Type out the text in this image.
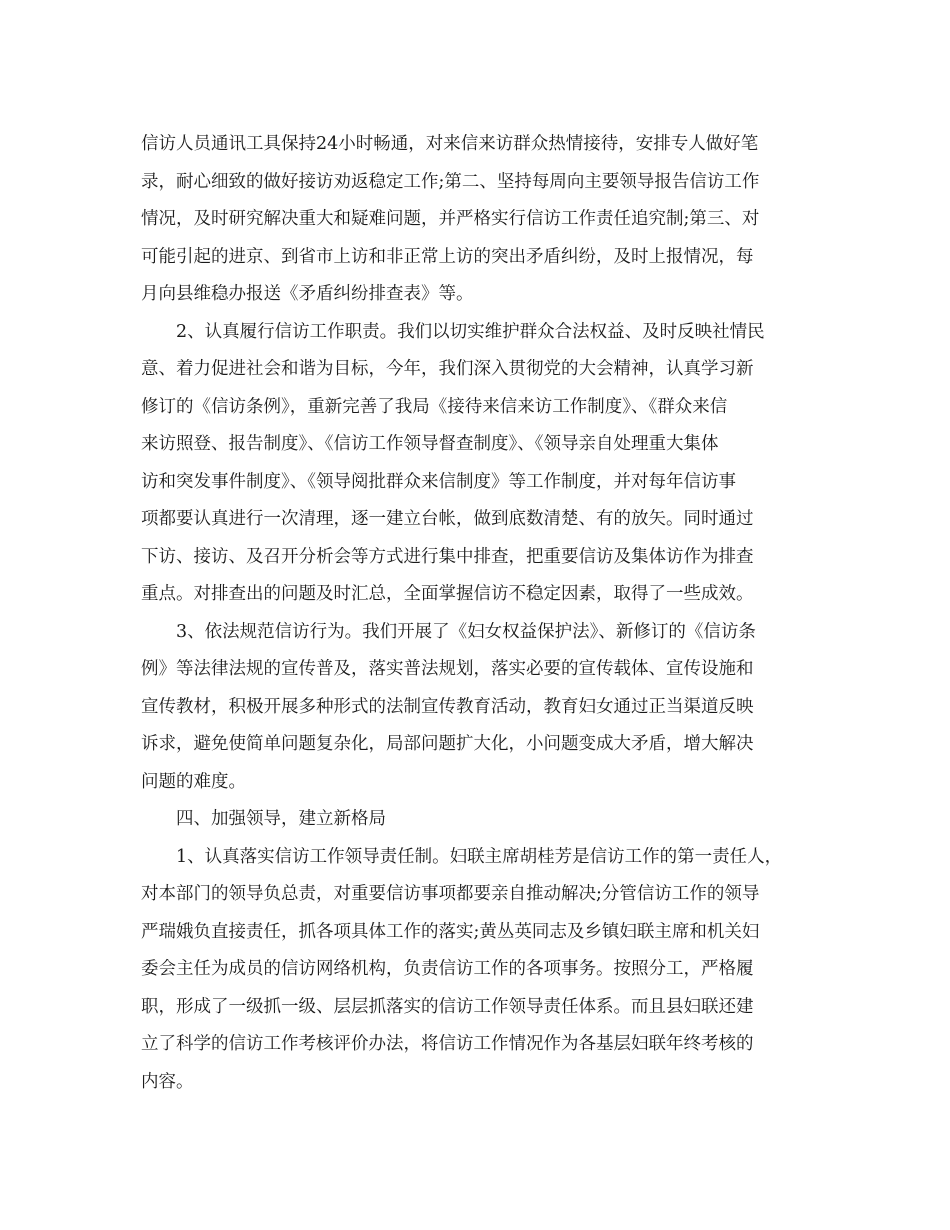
信访人员通讯工具保持24小时畅通，对来信来访群众热情接待，安排专人做好笔
录，耐心细致的做好接访劝返稳定工作;第二、坚持每周向主要领导报告信访工作
情况，及时研究解决重大和疑难问题，并严格实行信访工作责任追究制;第三、对
可能引起的进京、到省市上访和非正常上访的突出矛盾纠纷，及时上报情况，每
月向县维稳办报送《矛盾纠纷排查表》等。
2、认真履行信访工作职责。我们以切实维护群众合法权益、及时反映社情民
意、着力促进社会和谐为目标，今年，我们深入贯彻党的大会精神，认真学习新
修订的《信访条例》，重新完善了我局《接待来信来访工作制度》、《群众来信
来访照登、报告制度》、《信访工作领导督查制度》、《领导亲自处理重大集体
访和突发事件制度》、《领导阅批群众来信制度》等工作制度，并对每年信访事
项都要认真进行一次清理，逐一建立台帐，做到底数清楚、有的放矢。同时通过
下访、接访、及召开分析会等方式进行集中排查，把重要信访及集体访作为排查
重点。对排查出的问题及时汇总，全面掌握信访不稳定因素，取得了一些成效。
3、依法规范信访行为。我们开展了《妇女权益保护法》、新修订的《信访条
例》等法律法规的宣传普及，落实普法规划，落实必要的宣传载体、宣传设施和
宣传教材，积极开展多种形式的法制宣传教育活动，教育妇女通过正当渠道反映
诉求，避免使简单问题复杂化，局部问题扩大化，小问题变成大矛盾，增大解决
问题的难度。
四、加强领导，建立新格局
1、认真落实信访工作领导责任制。妇联主席胡桂芳是信访工作的第一责任人，
对本部门的领导负总责，对重要信访事项都要亲自推动解决;分管信访工作的领导
严瑞娥负直接责任，抓各项具体工作的落实;黄丛英同志及乡镇妇联主席和机关妇
委会主任为成员的信访网络机构，负责信访工作的各项事务。按照分工，严格履
职，形成了一级抓一级、层层抓落实的信访工作领导责任体系。而且县妇联还建
立了科学的信访工作考核评价办法，将信访工作情况作为各基层妇联年终考核的
内容。
